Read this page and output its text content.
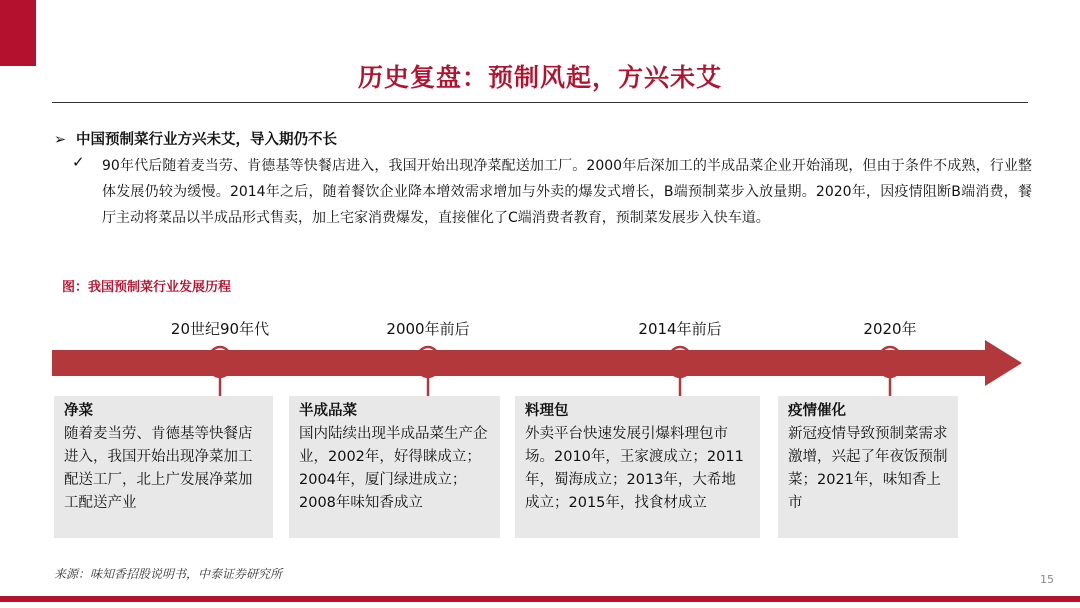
历史复盘：预制风起，方兴未艾
➢ 中国预制菜行业方兴未艾，导入期仍不长
✓ 90年代后随着麦当劳、肯德基等快餐店进入，我国开始出现净菜配送加工厂。2000年后深加工的半成品菜企业开始涌现，但由于条件不成熟，行业整体发展仍较为缓慢。2014年之后，随着餐饮企业降本增效需求增加与外卖的爆发式增长，B端预制菜步入放量期。2020年，因疫情阻断B端消费，餐厅主动将菜品以半成品形式售卖，加上宅家消费爆发，直接催化了C端消费者教育，预制菜发展步入快车道。
图：我国预制菜行业发展历程
20世纪90年代	2000年前后	2014年前后	2020年
净菜
随着麦当劳、肯德基等快餐店进入，我国开始出现净菜加工配送工厂，北上广发展净菜加工配送产业
半成品菜
国内陆续出现半成品菜生产企业，2002年，好得睐成立；2004年，厦门绿进成立；2008年味知香成立
料理包
外卖平台快速发展引爆料理包市场。2010年，王家渡成立；2011年，蜀海成立；2013年，大希地成立；2015年，找食材成立
疫情催化
新冠疫情导致预制菜需求激增，兴起了年夜饭预制菜；2021年，味知香上市
来源：味知香招股说明书，中泰证券研究所	15
